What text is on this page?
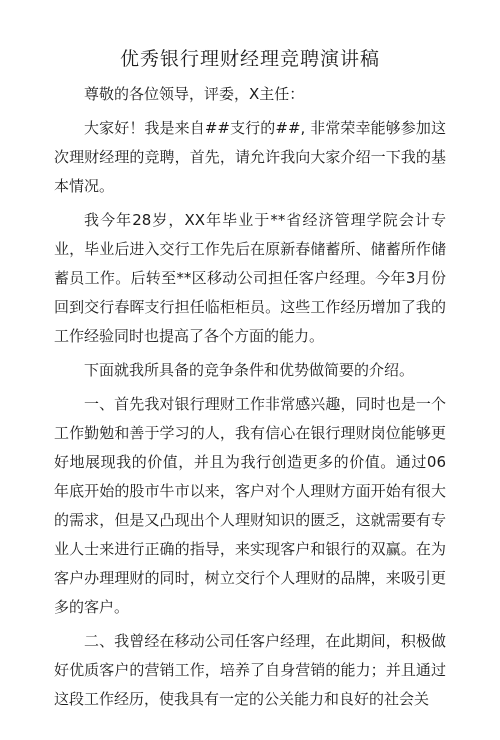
优秀银行理财经理竞聘演讲稿

尊敬的各位领导，评委，X主任：

大家好！我是来自##支行的##, 非常荣幸能够参加这次理财经理的竞聘，首先，请允许我向大家介绍一下我的基本情况。

我今年28岁，XX年毕业于**省经济管理学院会计专业，毕业后进入交行工作先后在原新春储蓄所、储蓄所作储蓄员工作。后转至**区移动公司担任客户经理。今年3月份回到交行春晖支行担任临柜柜员。这些工作经历增加了我的工作经验同时也提高了各个方面的能力。

下面就我所具备的竞争条件和优势做简要的介绍。

一、首先我对银行理财工作非常感兴趣，同时也是一个工作勤勉和善于学习的人，我有信心在银行理财岗位能够更好地展现我的价值，并且为我行创造更多的价值。通过06年底开始的股市牛市以来，客户对个人理财方面开始有很大的需求，但是又凸现出个人理财知识的匮乏，这就需要有专业人士来进行正确的指导，来实现客户和银行的双赢。在为客户办理理财的同时，树立交行个人理财的品牌，来吸引更多的客户。

二、我曾经在移动公司任客户经理，在此期间，积极做好优质客户的营销工作，培养了自身营销的能力；并且通过这段工作经历，使我具有一定的公关能力和良好的社会关
